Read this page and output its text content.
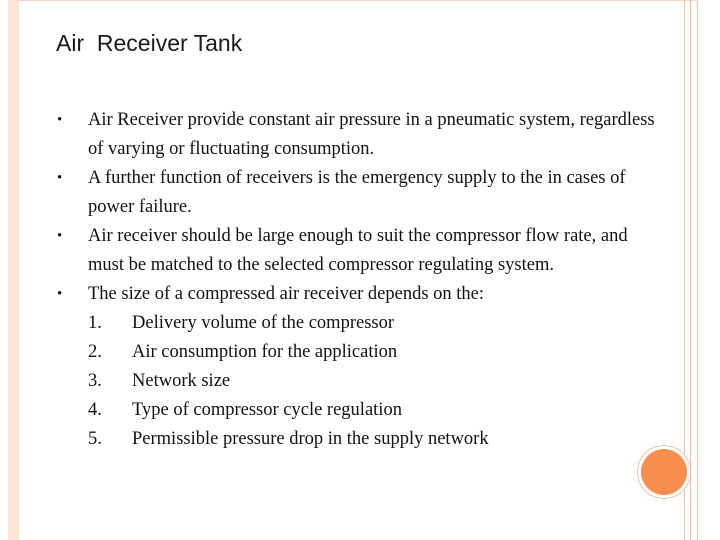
Air  Receiver Tank
• Air Receiver provide constant air pressure in a pneumatic system, regardless of varying or fluctuating consumption.
• A further function of receivers is the emergency supply to the in cases of power failure.
• Air receiver should be large enough to suit the compressor flow rate, and must be matched to the selected compressor regulating system.
• The size of a compressed air receiver depends on the:
1. Delivery volume of the compressor
2. Air consumption for the application
3. Network size
4. Type of compressor cycle regulation
5. Permissible pressure drop in the supply network
